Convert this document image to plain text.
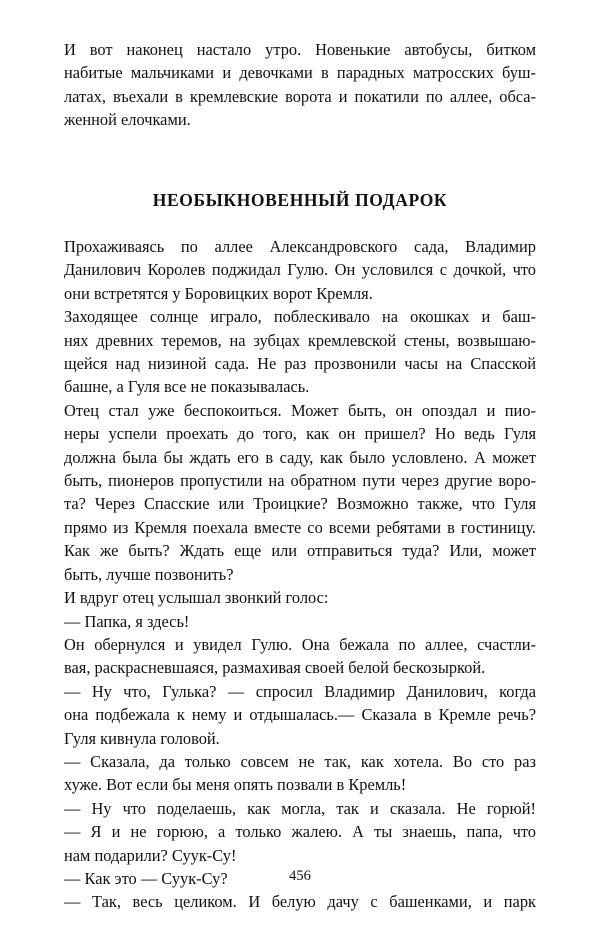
И вот наконец настало утро. Новенькие автобусы, битком
набитые мальчиками и девочками в парадных матросских буш-
латах, въехали в кремлевские ворота и покатили по аллее, обса-
женной елочками.
НЕОБЫКНОВЕННЫЙ ПОДАРОК
Прохаживаясь по аллее Александровского сада, Владимир
Данилович Королев поджидал Гулю. Он условился с дочкой, что
они встретятся у Боровицких ворот Кремля.
Заходящее солнце играло, поблескивало на окошках и баш-
нях древних теремов, на зубцах кремлевской стены, возвышаю-
щейся над низиной сада. Не раз прозвонили часы на Спасской
башне, а Гуля все не показывалась.
Отец стал уже беспокоиться. Может быть, он опоздал и пио-
неры успели проехать до того, как он пришел? Но ведь Гуля
должна была бы ждать его в саду, как было условлено. А может
быть, пионеров пропустили на обратном пути через другие воро-
та? Через Спасские или Троицкие? Возможно также, что Гуля
прямо из Кремля поехала вместе со всеми ребятами в гостиницу.
Как же быть? Ждать еще или отправиться туда? Или, может
быть, лучше позвонить?
И вдруг отец услышал звонкий голос:
— Папка, я здесь!
Он обернулся и увидел Гулю. Она бежала по аллее, счастли-
вая, раскрасневшаяся, размахивая своей белой бескозыркой.
— Ну что, Гулька? — спросил Владимир Данилович, когда
она подбежала к нему и отдышалась.— Сказала в Кремле речь?
Гуля кивнула головой.
— Сказала, да только совсем не так, как хотела. Во сто раз
хуже. Вот если бы меня опять позвали в Кремль!
— Ну что поделаешь, как могла, так и сказала. Не горюй!
— Я и не горюю, а только жалею. А ты знаешь, папа, что
нам подарили? Суук-Су!
— Как это — Суук-Су?
— Так, весь целиком. И белую дачу с башенками, и парк
456
